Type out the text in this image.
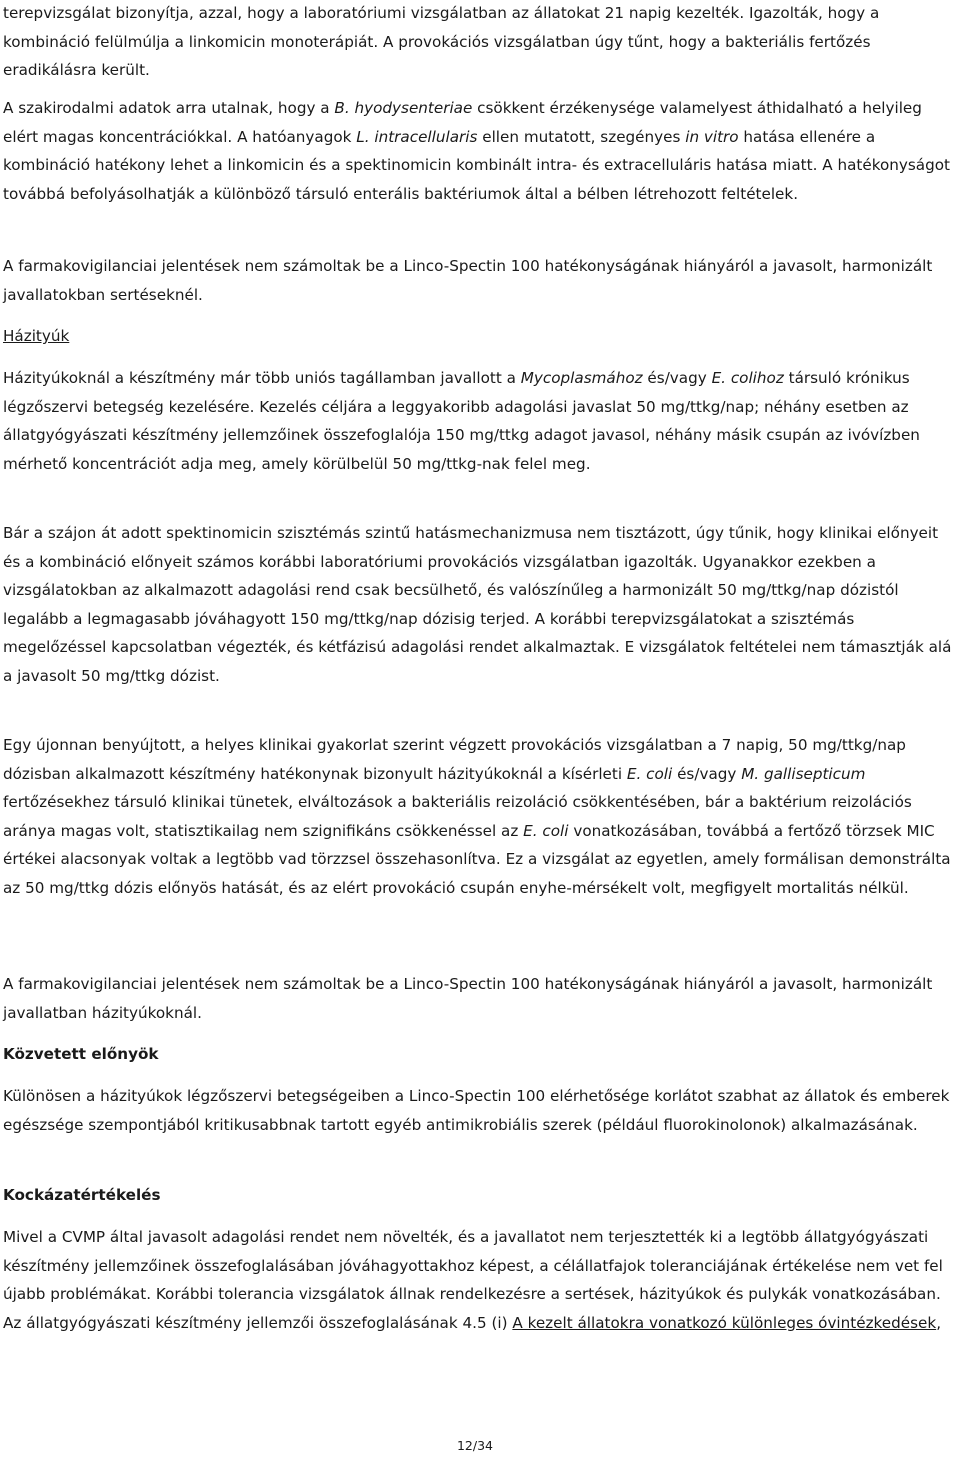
terepvizsgálat bizonyítja, azzal, hogy a laboratóriumi vizsgálatban az állatokat 21 napig kezelték. Igazolták, hogy a kombináció felülmúlja a linkomicin monoterápiát. A provokációs vizsgálatban úgy tűnt, hogy a bakteriális fertőzés eradikálásra került.

A szakirodalmi adatok arra utalnak, hogy a B. hyodysenteriae csökkent érzékenysége valamelyest áthidalható a helyileg elért magas koncentrációkkal. A hatóanyagok L. intracellularis ellen mutatott, szegényes in vitro hatása ellenére a kombináció hatékony lehet a linkomicin és a spektinomicin kombinált intra- és extracelluláris hatása miatt. A hatékonyságot továbbá befolyásolhatják a különböző társuló enterális baktériumok által a bélben létrehozott feltételek.

A farmakovigilanciai jelentések nem számoltak be a Linco-Spectin 100 hatékonyságának hiányáról a javasolt, harmonizált javallatokban sertéseknél.

Házityúk

Házityúkoknál a készítmény már több uniós tagállamban javallott a Mycoplasmához és/vagy E. colihoz társuló krónikus légzőszervi betegség kezelésére. Kezelés céljára a leggyakoribb adagolási javaslat 50 mg/ttkg/nap; néhány esetben az állatgyógyászati készítmény jellemzőinek összefoglalója 150 mg/ttkg adagot javasol, néhány másik csupán az ivóvízben mérhető koncentrációt adja meg, amely körülbelül 50 mg/ttkg-nak felel meg.

Bár a szájon át adott spektinomicin szisztémás szintű hatásmechanizmusa nem tisztázott, úgy tűnik, hogy klinikai előnyeit és a kombináció előnyeit számos korábbi laboratóriumi provokációs vizsgálatban igazolták. Ugyanakkor ezekben a vizsgálatokban az alkalmazott adagolási rend csak becsülhető, és valószínűleg a harmonizált 50 mg/ttkg/nap dózistól legalább a legmagasabb jóváhagyott 150 mg/ttkg/nap dózisig terjed. A korábbi terepvizsgálatokat a szisztémás megelőzéssel kapcsolatban végezték, és kétfázisú adagolási rendet alkalmaztak. E vizsgálatok feltételei nem támasztják alá a javasolt 50 mg/ttkg dózist.

Egy újonnan benyújtott, a helyes klinikai gyakorlat szerint végzett provokációs vizsgálatban a 7 napig, 50 mg/ttkg/nap dózisban alkalmazott készítmény hatékonynak bizonyult házityúkoknál a kísérleti E. coli és/vagy M. gallisepticum fertőzésekhez társuló klinikai tünetek, elváltozások a bakteriális reizoláció csökkentésében, bár a baktérium reizolációs aránya magas volt, statisztikailag nem szignifikáns csökkenéssel az E. coli vonatkozásában, továbbá a fertőző törzsek MIC értékei alacsonyak voltak a legtöbb vad törzzsel összehasonlítva. Ez a vizsgálat az egyetlen, amely formálisan demonstrálta az 50 mg/ttkg dózis előnyös hatását, és az elért provokáció csupán enyhe-mérsékelt volt, megfigyelt mortalitás nélkül.

A farmakovigilanciai jelentések nem számoltak be a Linco-Spectin 100 hatékonyságának hiányáról a javasolt, harmonizált javallatban házityúkoknál.

Közvetett előnyök

Különösen a házityúkok légzőszervi betegségeiben a Linco-Spectin 100 elérhetősége korlátot szabhat az állatok és emberek egészsége szempontjából kritikusabbnak tartott egyéb antimikrobiális szerek (például fluorokinolonok) alkalmazásának.

Kockázatértékelés

Mivel a CVMP által javasolt adagolási rendet nem növelték, és a javallatot nem terjesztették ki a legtöbb állatgyógyászati készítmény jellemzőinek összefoglalásában jóváhagyottakhoz képest, a célállatfajok toleranciájának értékelése nem vet fel újabb problémákat. Korábbi tolerancia vizsgálatok állnak rendelkezésre a sertések, házityúkok és pulykák vonatkozásában. Az állatgyógyászati készítmény jellemzői összefoglalásának 4.5 (i) A kezelt állatokra vonatkozó különleges óvintézkedések,

12/34
